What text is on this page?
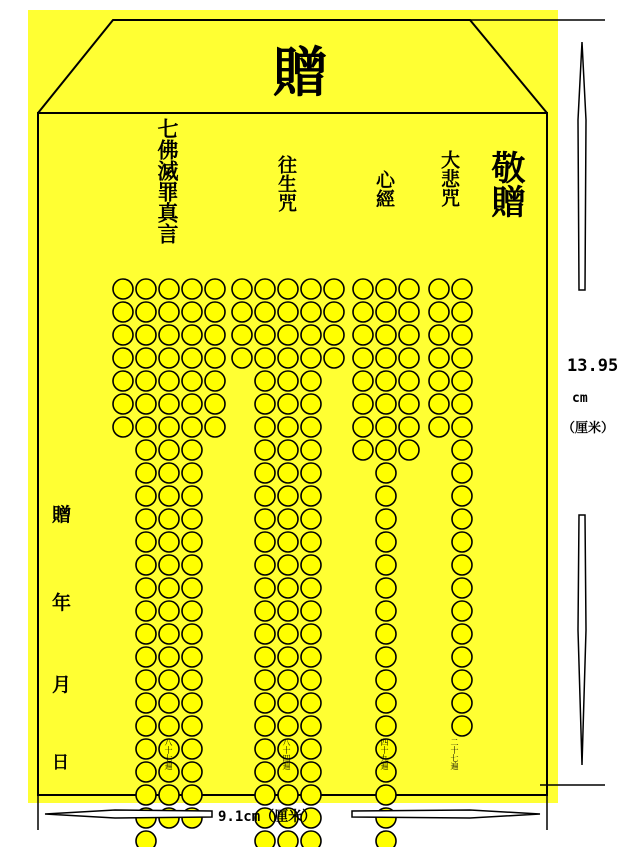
贈
敬贈
七佛滅罪真言	往生咒	心經 大悲咒
贈
年
月
日	八十七遍	八十四遍	四十九遍	二十七遍
13.95
cm
（厘米）
9.1cm（厘米）
